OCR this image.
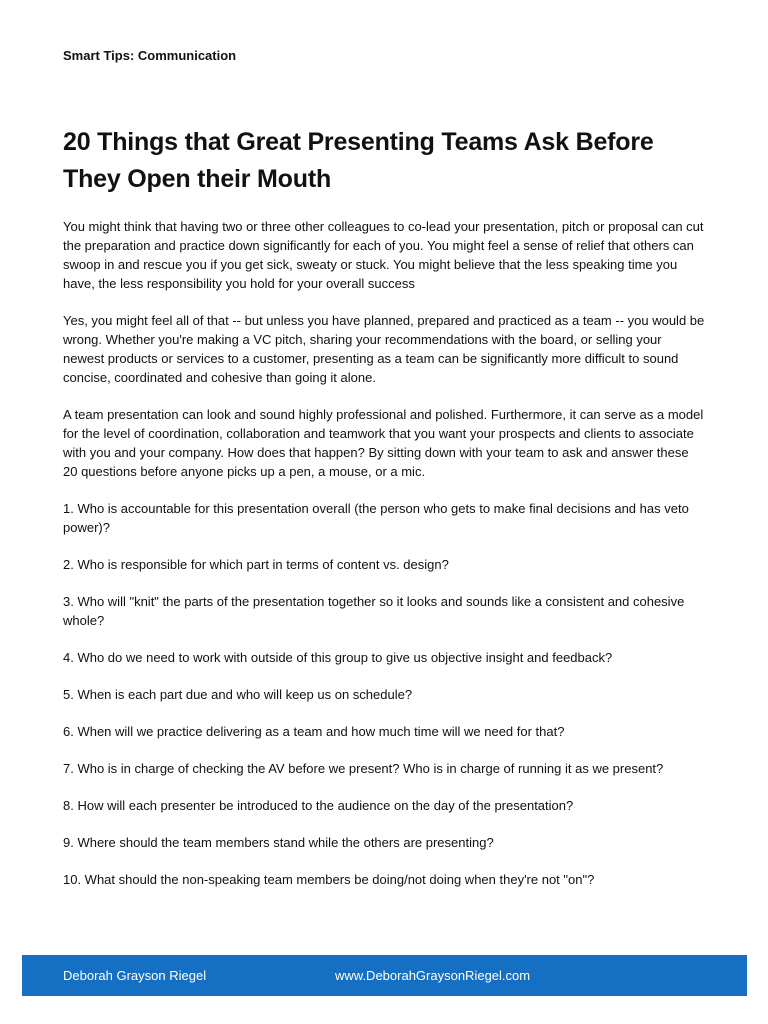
Smart Tips: Communication
20 Things that Great Presenting Teams Ask Before They Open their Mouth

You might think that having two or three other colleagues to co-lead your presentation, pitch or proposal can cut the preparation and practice down significantly for each of you. You might feel a sense of relief that others can swoop in and rescue you if you get sick, sweaty or stuck. You might believe that the less speaking time you have, the less responsibility you hold for your overall success

Yes, you might feel all of that -- but unless you have planned, prepared and practiced as a team -- you would be wrong. Whether you're making a VC pitch, sharing your recommendations with the board, or selling your newest products or services to a customer, presenting as a team can be significantly more difficult to sound concise, coordinated and cohesive than going it alone.

A team presentation can look and sound highly professional and polished. Furthermore, it can serve as a model for the level of coordination, collaboration and teamwork that you want your prospects and clients to associate with you and your company. How does that happen? By sitting down with your team to ask and answer these 20 questions before anyone picks up a pen, a mouse, or a mic.

1. Who is accountable for this presentation overall (the person who gets to make final decisions and has veto power)?

2. Who is responsible for which part in terms of content vs. design?

3. Who will "knit" the parts of the presentation together so it looks and sounds like a consistent and cohesive whole?

4. Who do we need to work with outside of this group to give us objective insight and feedback?

5. When is each part due and who will keep us on schedule?

6. When will we practice delivering as a team and how much time will we need for that?

7. Who is in charge of checking the AV before we present? Who is in charge of running it as we present?

8. How will each presenter be introduced to the audience on the day of the presentation?

9. Where should the team members stand while the others are presenting?

10. What should the non-speaking team members be doing/not doing when they're not "on"?

Deborah Grayson Riegel	www.DeborahGraysonRiegel.com
